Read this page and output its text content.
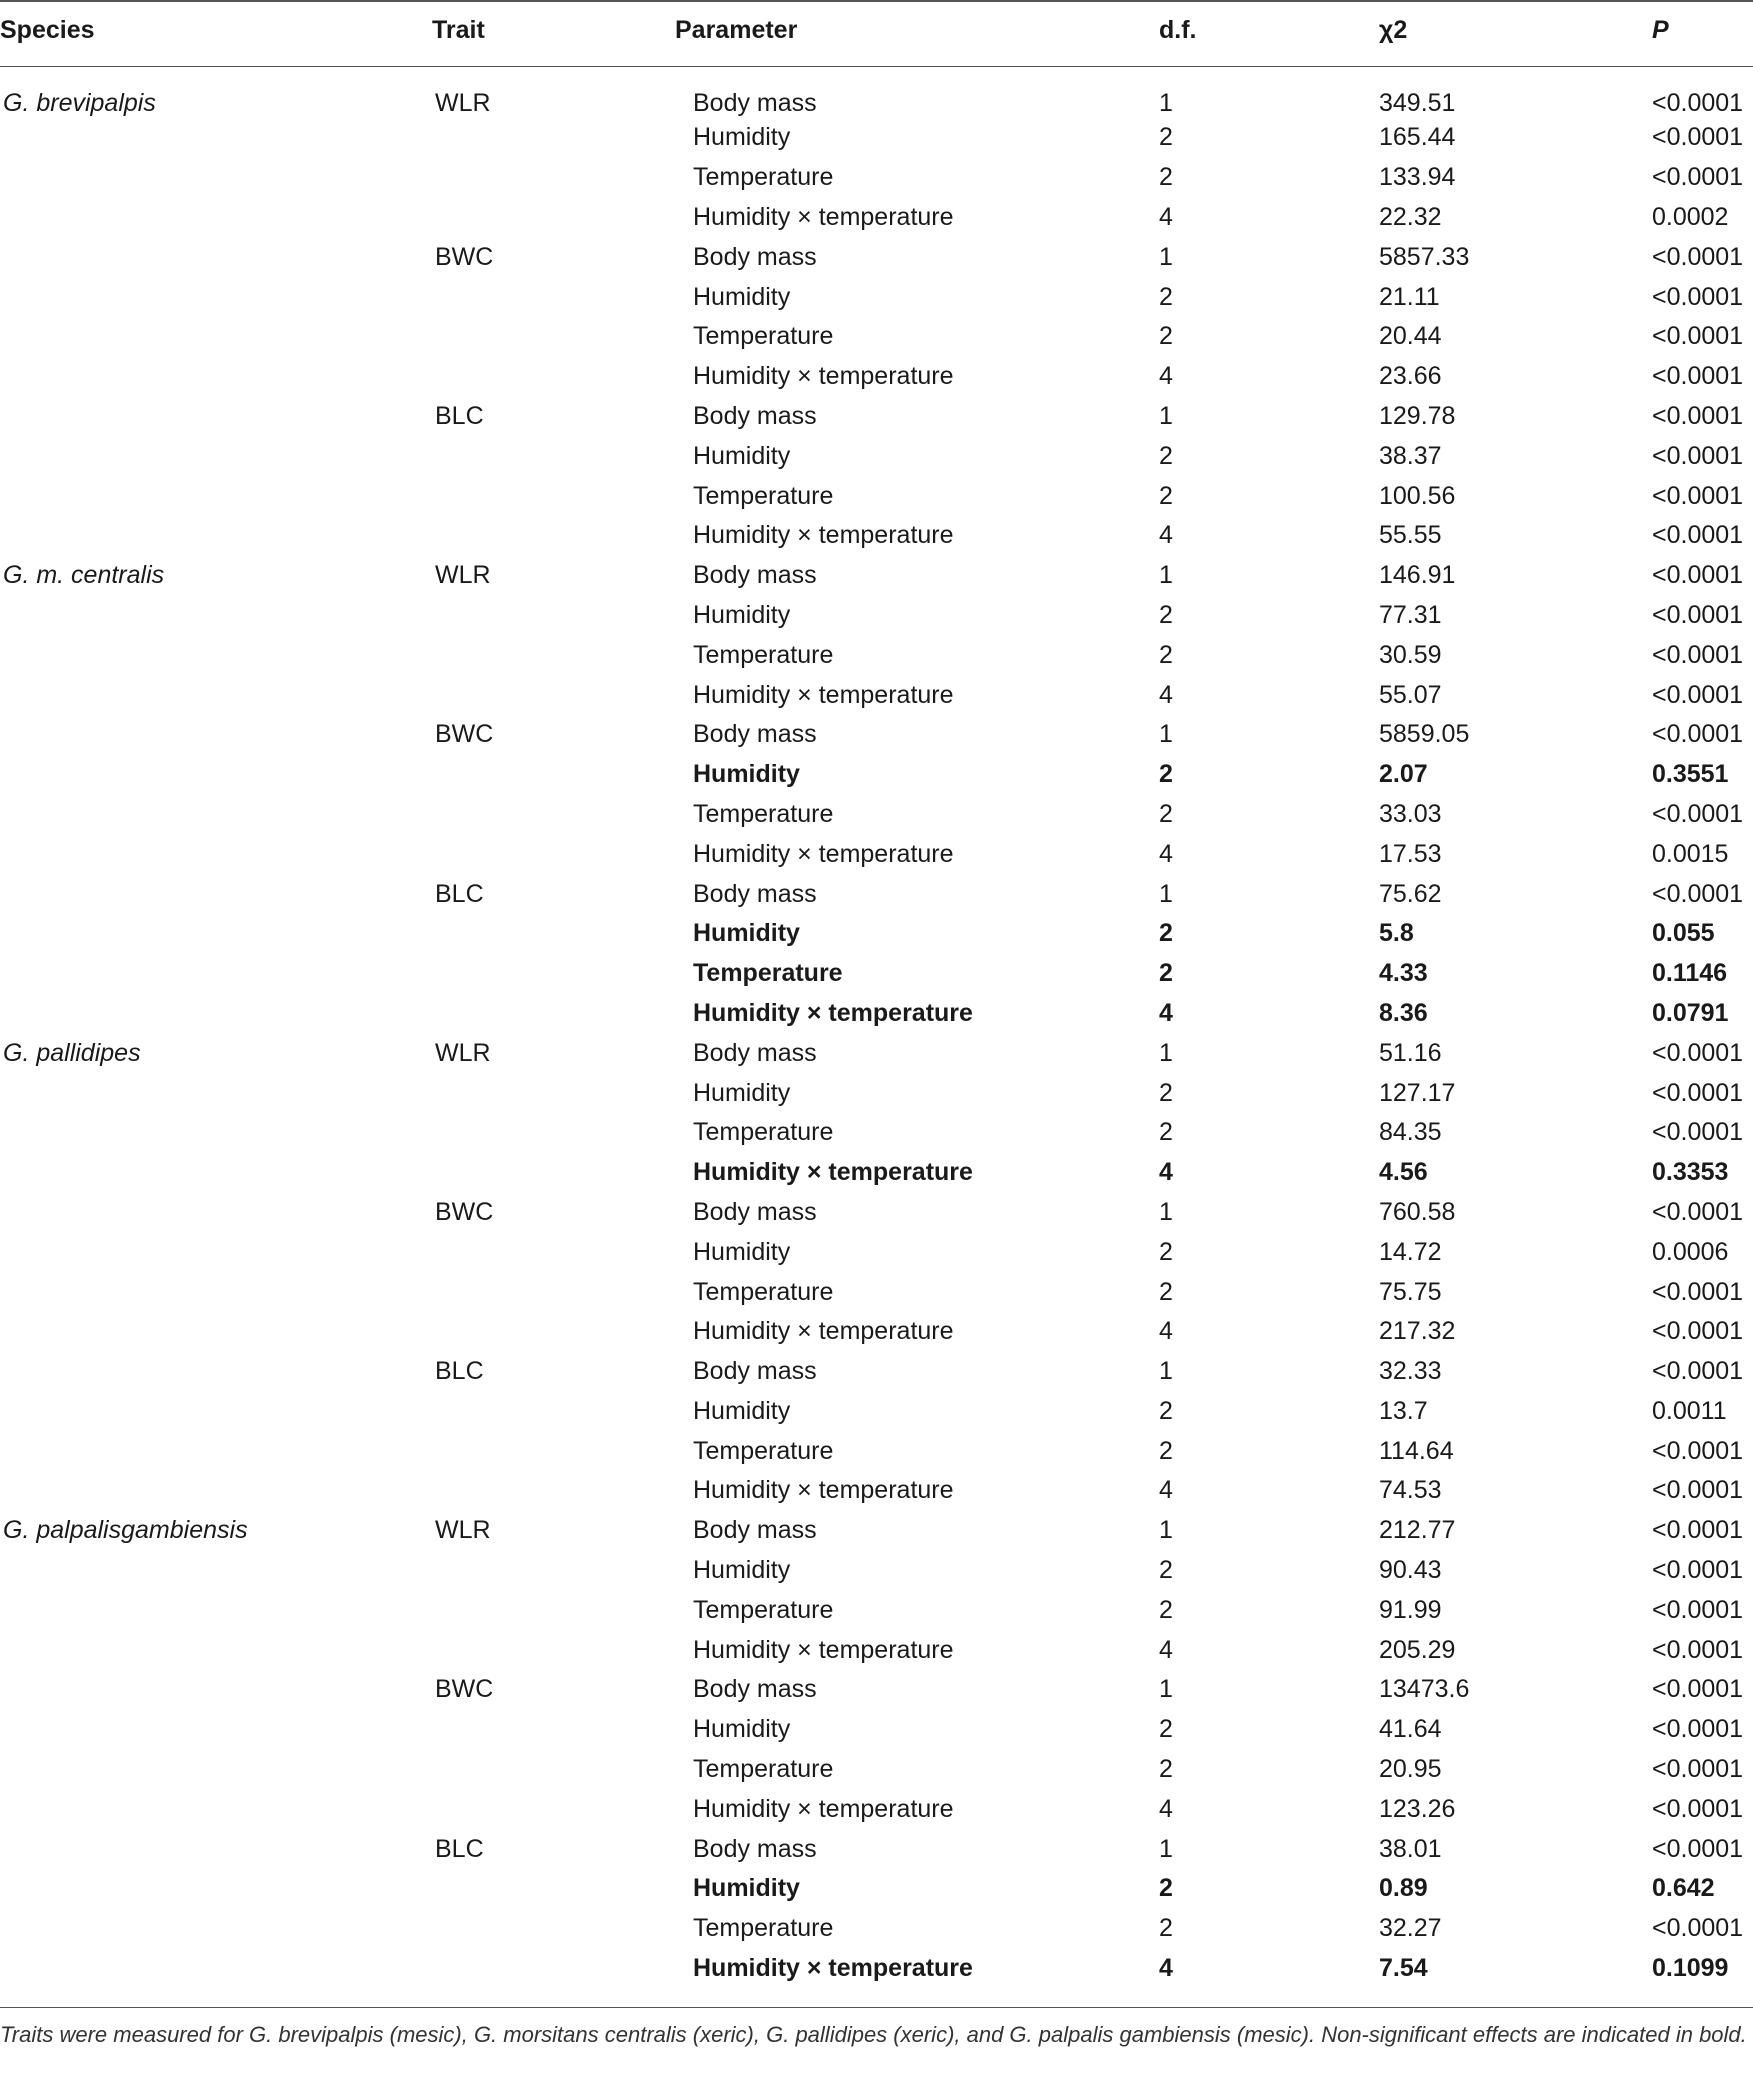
Species	Trait	Parameter	d.f.	χ2	P
G. brevipalpis	WLR	Body mass	1	349.51	<0.0001
		Humidity	2	165.44	<0.0001
		Temperature	2	133.94	<0.0001
		Humidity × temperature	4	22.32	0.0002
	BWC	Body mass	1	5857.33	<0.0001
		Humidity	2	21.11	<0.0001
		Temperature	2	20.44	<0.0001
		Humidity × temperature	4	23.66	<0.0001
	BLC	Body mass	1	129.78	<0.0001
		Humidity	2	38.37	<0.0001
		Temperature	2	100.56	<0.0001
		Humidity × temperature	4	55.55	<0.0001
G. m. centralis	WLR	Body mass	1	146.91	<0.0001
		Humidity	2	77.31	<0.0001
		Temperature	2	30.59	<0.0001
		Humidity × temperature	4	55.07	<0.0001
	BWC	Body mass	1	5859.05	<0.0001
		Humidity	2	2.07	0.3551
		Temperature	2	33.03	<0.0001
		Humidity × temperature	4	17.53	0.0015
	BLC	Body mass	1	75.62	<0.0001
		Humidity	2	5.8	0.055
		Temperature	2	4.33	0.1146
		Humidity × temperature	4	8.36	0.0791
G. pallidipes	WLR	Body mass	1	51.16	<0.0001
		Humidity	2	127.17	<0.0001
		Temperature	2	84.35	<0.0001
		Humidity × temperature	4	4.56	0.3353
	BWC	Body mass	1	760.58	<0.0001
		Humidity	2	14.72	0.0006
		Temperature	2	75.75	<0.0001
		Humidity × temperature	4	217.32	<0.0001
	BLC	Body mass	1	32.33	<0.0001
		Humidity	2	13.7	0.0011
		Temperature	2	114.64	<0.0001
		Humidity × temperature	4	74.53	<0.0001
G. palpalisgambiensis	WLR	Body mass	1	212.77	<0.0001
		Humidity	2	90.43	<0.0001
		Temperature	2	91.99	<0.0001
		Humidity × temperature	4	205.29	<0.0001
	BWC	Body mass	1	13473.6	<0.0001
		Humidity	2	41.64	<0.0001
		Temperature	2	20.95	<0.0001
		Humidity × temperature	4	123.26	<0.0001
	BLC	Body mass	1	38.01	<0.0001
		Humidity	2	0.89	0.642
		Temperature	2	32.27	<0.0001
		Humidity × temperature	4	7.54	0.1099
Traits were measured for G. brevipalpis (mesic), G. morsitans centralis (xeric), G. pallidipes (xeric), and G. palpalis gambiensis (mesic). Non-significant effects are indicated in bold.
